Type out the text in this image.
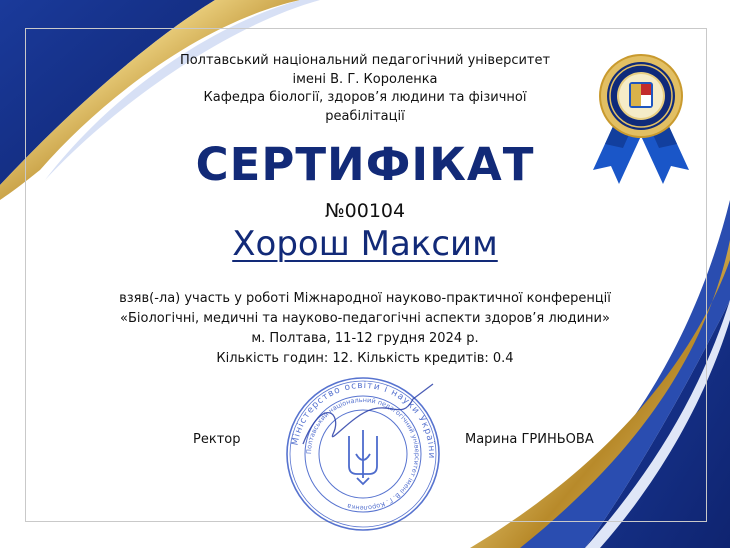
Полтавський національний педагогічний університет
імені В. Г. Короленка
Кафедра біології, здоров’я людини та фізичної
реабілітації
СЕРТИФІКАТ
№00104
Хорош Максим
взяв(-ла) участь у роботі Міжнародної науково-практичної конференції
«Біологічні, медичні та науково-педагогічні аспекти здоров’я людини»
м. Полтава, 11-12 грудня 2024 р.
Кількість годин: 12. Кількість кредитів: 0.4
Міністерство освіти і науки України
Полтавський національний педагогічний університет імені В. Г. Короленка
Ректор	Марина ГРИНЬОВА
